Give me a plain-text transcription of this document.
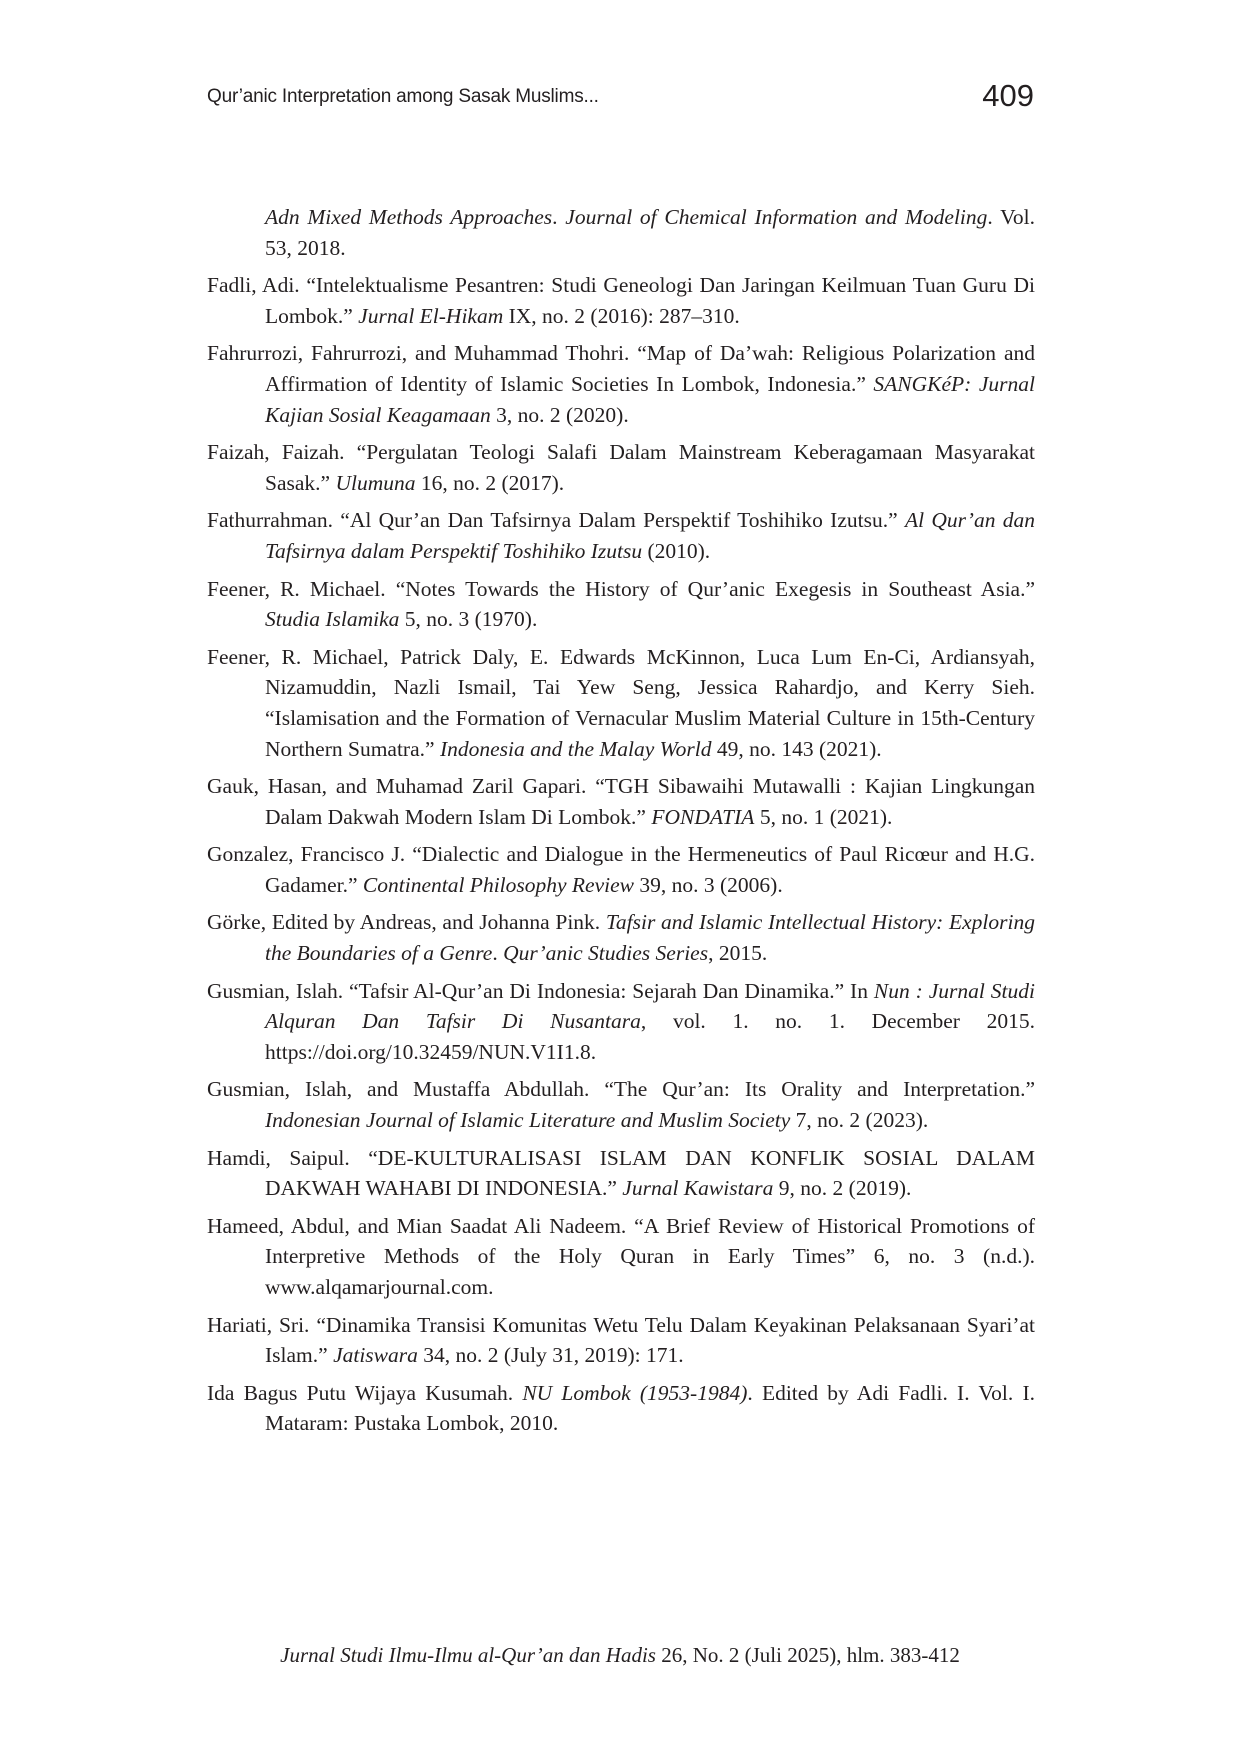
Qur’anic Interpretation among Sasak Muslims...	409

Adn Mixed Methods Approaches. Journal of Chemical Information and Modeling. Vol. 53, 2018.

Fadli, Adi. “Intelektualisme Pesantren: Studi Geneologi Dan Jaringan Keilmuan Tuan Guru Di Lombok.” Jurnal El-Hikam IX, no. 2 (2016): 287–310.

Fahrurrozi, Fahrurrozi, and Muhammad Thohri. “Map of Da’wah: Religious Polarization and Affirmation of Identity of Islamic Societies In Lombok, Indonesia.” SANGKéP: Jurnal Kajian Sosial Keagamaan 3, no. 2 (2020).

Faizah, Faizah. “Pergulatan Teologi Salafi Dalam Mainstream Keberagamaan Masyarakat Sasak.” Ulumuna 16, no. 2 (2017).

Fathurrahman. “Al Qur’an Dan Tafsirnya Dalam Perspektif Toshihiko Izutsu.” Al Qur’an dan Tafsirnya dalam Perspektif Toshihiko Izutsu (2010).

Feener, R. Michael. “Notes Towards the History of Qur’anic Exegesis in Southeast Asia.” Studia Islamika 5, no. 3 (1970).

Feener, R. Michael, Patrick Daly, E. Edwards McKinnon, Luca Lum En-Ci, Ardiansyah, Nizamuddin, Nazli Ismail, Tai Yew Seng, Jessica Rahardjo, and Kerry Sieh. “Islamisation and the Formation of Vernacular Muslim Material Culture in 15th-Century Northern Sumatra.” Indonesia and the Malay World 49, no. 143 (2021).

Gauk, Hasan, and Muhamad Zaril Gapari. “TGH Sibawaihi Mutawalli : Kajian Lingkungan Dalam Dakwah Modern Islam Di Lombok.” FONDATIA 5, no. 1 (2021).

Gonzalez, Francisco J. “Dialectic and Dialogue in the Hermeneutics of Paul Ricœur and H.G. Gadamer.” Continental Philosophy Review 39, no. 3 (2006).

Görke, Edited by Andreas, and Johanna Pink. Tafsir and Islamic Intellectual History: Exploring the Boundaries of a Genre. Qur’anic Studies Series, 2015.

Gusmian, Islah. “Tafsir Al-Qur’an Di Indonesia: Sejarah Dan Dinamika.” In Nun : Jurnal Studi Alquran Dan Tafsir Di Nusantara, vol. 1. no. 1. December 2015. https://doi.org/10.32459/NUN.V1I1.8.

Gusmian, Islah, and Mustaffa Abdullah. “The Qur’an: Its Orality and Interpretation.” Indonesian Journal of Islamic Literature and Muslim Society 7, no. 2 (2023).

Hamdi, Saipul. “DE-KULTURALISASI ISLAM DAN KONFLIK SOSIAL DALAM DAKWAH WAHABI DI INDONESIA.” Jurnal Kawistara 9, no. 2 (2019).

Hameed, Abdul, and Mian Saadat Ali Nadeem. “A Brief Review of Historical Promotions of Interpretive Methods of the Holy Quran in Early Times” 6, no. 3 (n.d.). www.alqamarjournal.com.

Hariati, Sri. “Dinamika Transisi Komunitas Wetu Telu Dalam Keyakinan Pelaksanaan Syari’at Islam.” Jatiswara 34, no. 2 (July 31, 2019): 171.

Ida Bagus Putu Wijaya Kusumah. NU Lombok (1953-1984). Edited by Adi Fadli. I. Vol. I. Mataram: Pustaka Lombok, 2010.

Jurnal Studi Ilmu-Ilmu al-Qur’an dan Hadis 26, No. 2 (Juli 2025), hlm. 383-412
